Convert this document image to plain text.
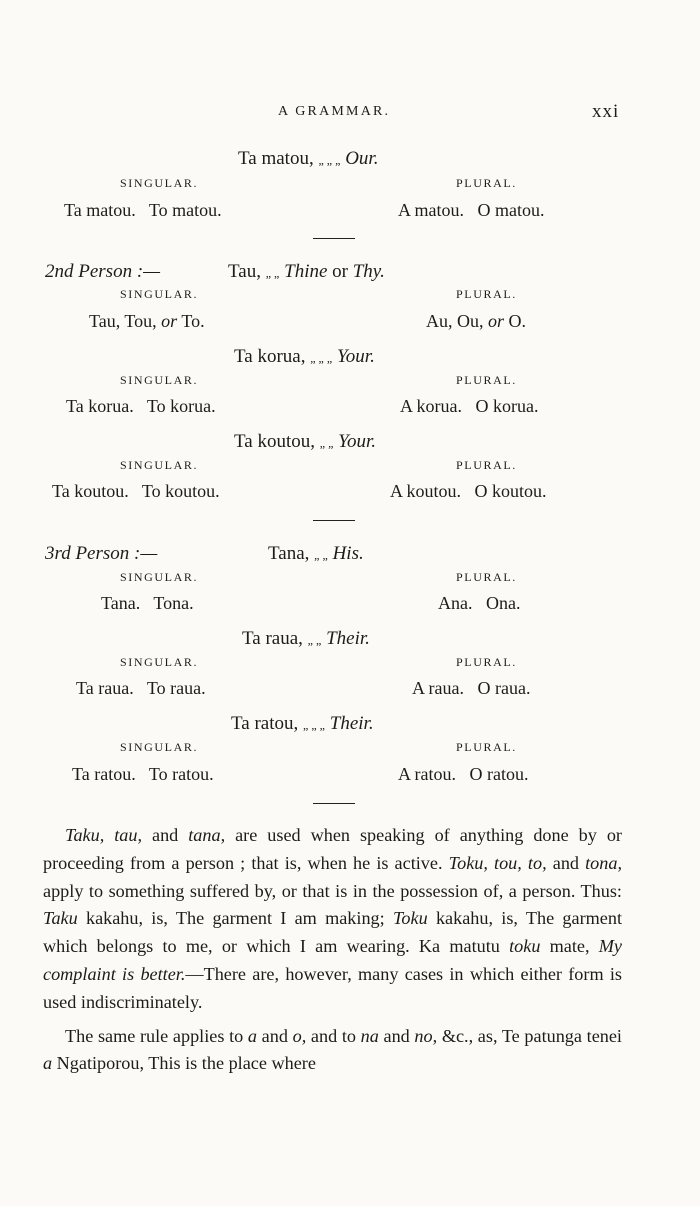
A GRAMMAR.	xxi
Ta matou, „ „ „ Our.
SINGULAR.	PLURAL.
Ta matou.   To matou.	A matou.   O matou.
2nd Person :—	Tau, „ „ Thine or Thy.
SINGULAR.	PLURAL.
Tau, Tou, or To.	Au, Ou, or O.
Ta korua, „ „ „ Your.
SINGULAR.	PLURAL.
Ta korua.   To korua.	A korua.   O korua.
Ta koutou, „ „ Your.
SINGULAR.	PLURAL.
Ta koutou.   To koutou.	A koutou.   O koutou.
3rd Person :—	Tana, „ „ His.
SINGULAR.	PLURAL.
Tana.   Tona.	Ana.   Ona.
Ta raua, „ „ Their.
SINGULAR.	PLURAL.
Ta raua.   To raua.	A raua.   O raua.
Ta ratou, „ „ „ Their.
SINGULAR.	PLURAL.
Ta ratou.   To ratou.	A ratou.   O ratou.

Taku, tau, and tana, are used when speaking of anything done by or proceeding from a person ; that is, when he is active. Toku, tou, to, and tona, apply to something suffered by, or that is in the possession of, a person. Thus: Taku kakahu, is, The garment I am making; Toku kakahu, is, The garment which belongs to me, or which I am wearing. Ka matutu toku mate, My complaint is better.—There are, however, many cases in which either form is used indiscriminately.

The same rule applies to a and o, and to na and no, &c., as, Te patunga tenei a Ngatiporou, This is the place where
